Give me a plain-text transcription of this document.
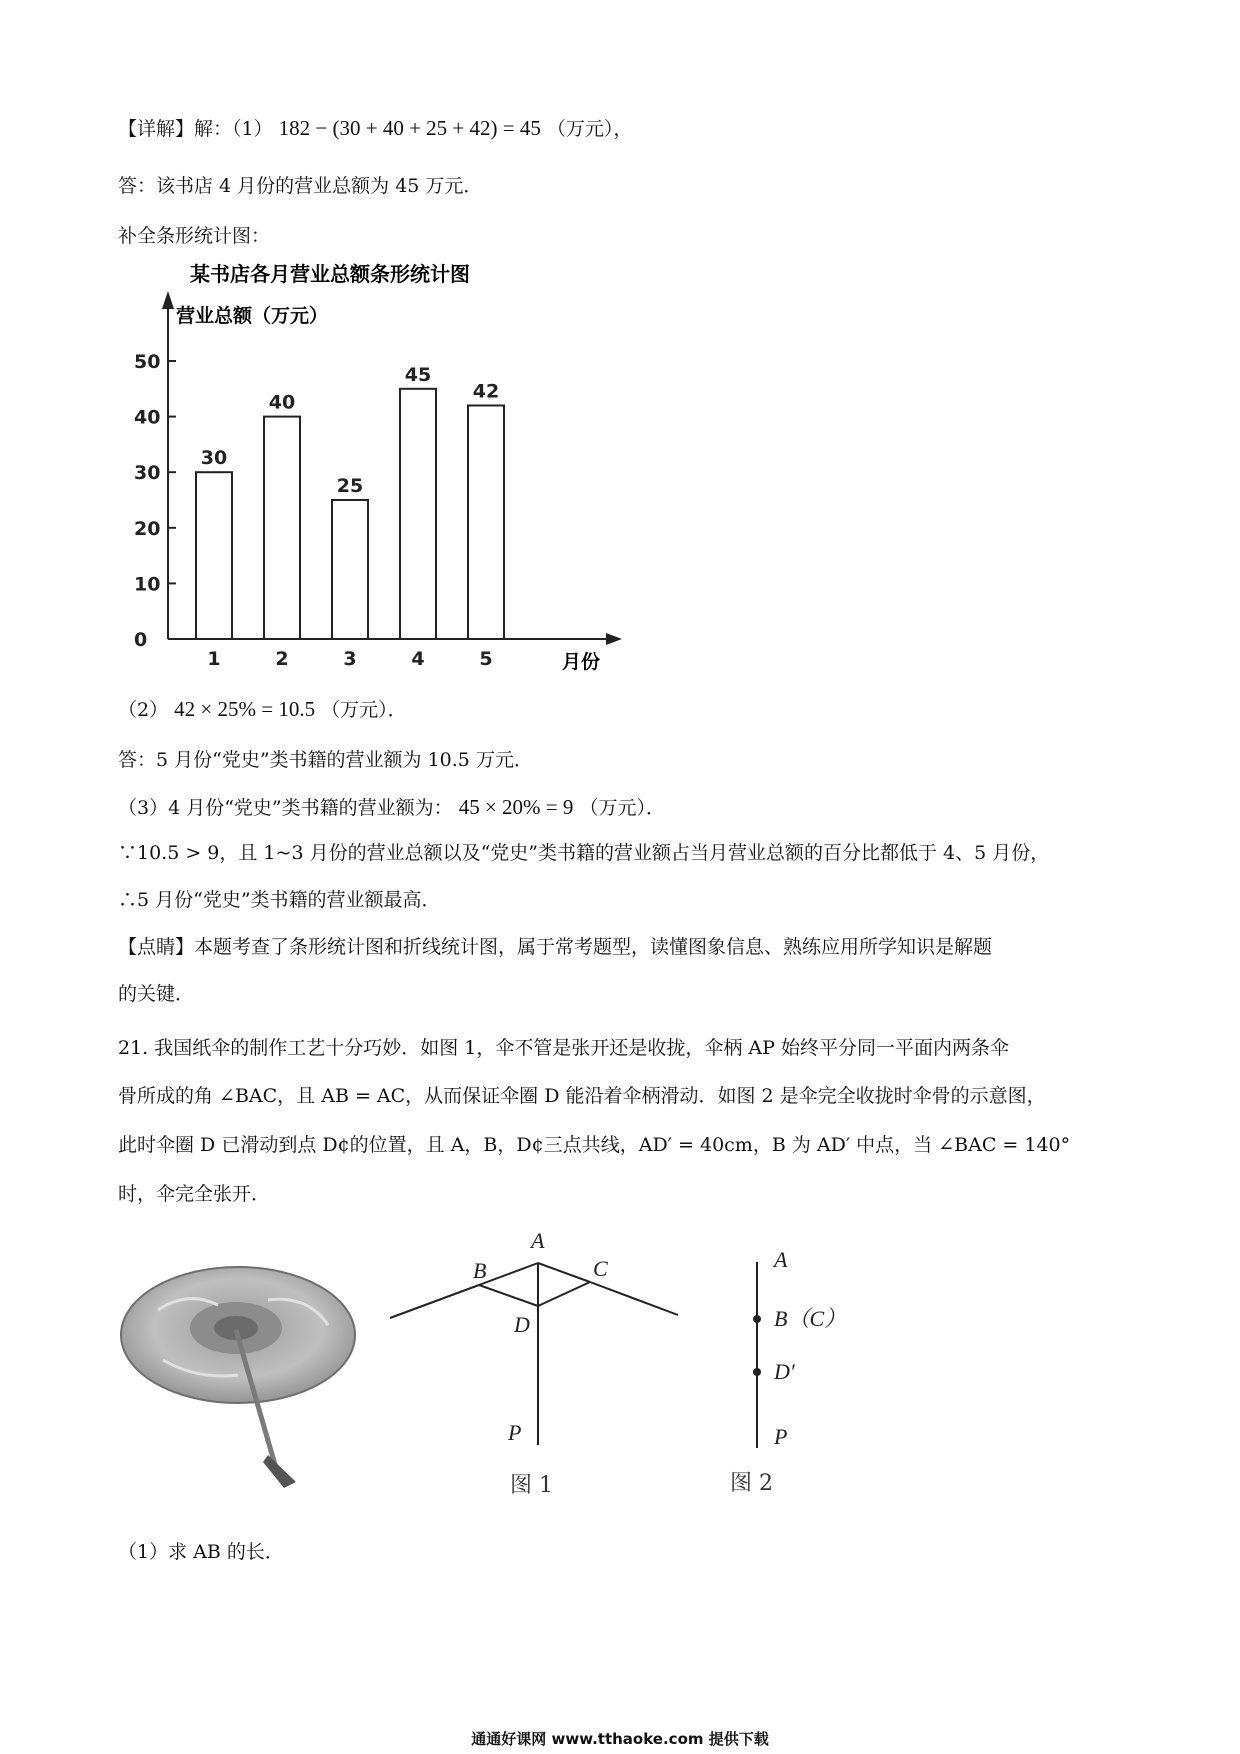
【详解】解：（1） 182 − (30 + 40 + 25 + 42) = 45 （万元），
答：该书店 4 月份的营业总额为 45 万元．
补全条形统计图：
某书店各月营业总额条形统计图
营业总额（万元）
月份
0
10
20
30
40
50
30
40
25
45
42
1	2	3	4	5
（2） 42 × 25% = 10.5 （万元）．
答：5 月份“党史”类书籍的营业额为 10.5 万元．
（3）4 月份“党史”类书籍的营业额为： 45 × 20% = 9 （万元）．
∵10.5 > 9，且 1~3 月份的营业总额以及“党史”类书籍的营业额占当月营业总额的百分比都低于 4、5 月份，
∴5 月份“党史”类书籍的营业额最高．
【点睛】本题考查了条形统计图和折线统计图，属于常考题型，读懂图象信息、熟练应用所学知识是解题
的关键．
21. 我国纸伞的制作工艺十分巧妙．如图 1，伞不管是张开还是收拢，伞柄 AP 始终平分同一平面内两条伞
骨所成的角 ∠BAC，且 AB = AC，从而保证伞圈 D 能沿着伞柄滑动．如图 2 是伞完全收拢时伞骨的示意图，
此时伞圈 D 已滑动到点 D¢的位置，且 A，B，D¢三点共线，AD′ = 40cm，B 为 AD′ 中点，当 ∠BAC = 140°
时，伞完全张开．
A
B	C
D
P
图 1
A
B（C）
D′
P
图 2
（1）求 AB 的长．
通通好课网 www.tthaoke.com 提供下载
